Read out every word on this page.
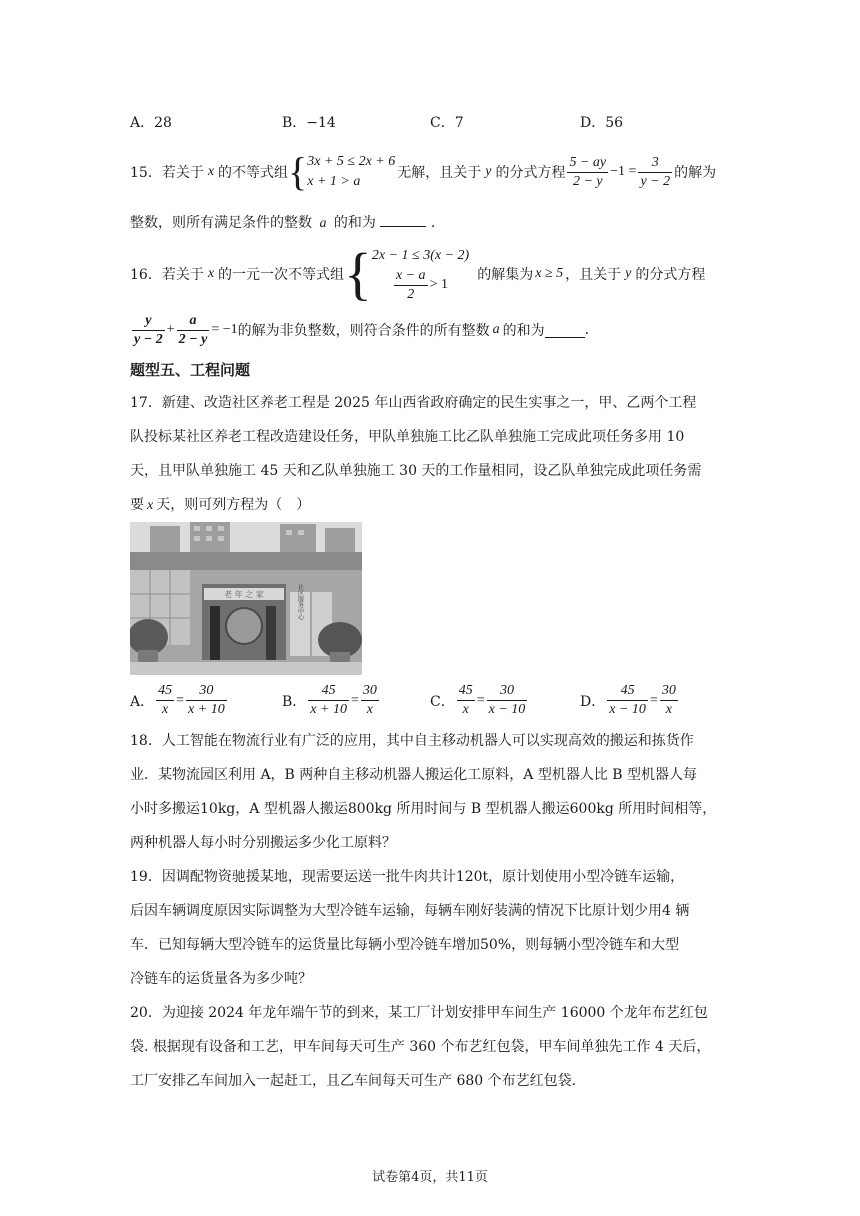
A．28	B．−14	C．7	D．56
15．若关于 x 的不等式组 { 3x + 5 ≤ 2x + 6
x + 1 > a
无解，且关于 y 的分式方程 $\frac{5 - ay}{2 - y} -1 = \frac{3}{y - 2}$ 的解为
整数，则所有满足条件的整数 a 的和为	.
16．若关于 x 的一元一次不等式组 { 2x − 1 ≤ 3(x − 2)
$\frac{x - a}{2} > 1$
的解集为 x ≥ 5 ，且关于 y 的分式方程
$\frac{y}{y - 2} + \frac{a}{2 - y} = -1$ 的解为非负整数，则符合条件的所有整数 a 的和为	.
题型五、工程问题
17．新建、改造社区养老工程是 2025 年山西省政府确定的民生实事之一，甲、乙两个工程
队投标某社区养老工程改造建设任务，甲队单独施工比乙队单独施工完成此项任务多用 10
天，且甲队单独施工 45 天和乙队单独施工 30 天的工作量相同，设乙队单独完成此项任务需
要 x 天，则可列方程为（　）
老 年 之 家	社区服务中心
A． $\frac{45}{x} = \frac{30}{x + 10}$	B． $\frac{45}{x + 10} = \frac{30}{x}$	C． $\frac{45}{x} = \frac{30}{x - 10}$	D． $\frac{45}{x - 10} = \frac{30}{x}$
18．人工智能在物流行业有广泛的应用，其中自主移动机器人可以实现高效的搬运和拣货作
业．某物流园区利用 A，B 两种自主移动机器人搬运化工原料，A 型机器人比 B 型机器人每
小时多搬运10kg，A 型机器人搬运800kg 所用时间与 B 型机器人搬运600kg 所用时间相等，
两种机器人每小时分别搬运多少化工原料？
19．因调配物资驰援某地，现需要运送一批牛肉共计120t，原计划使用小型冷链车运输，
后因车辆调度原因实际调整为大型冷链车运输，每辆车刚好装满的情况下比原计划少用4 辆
车．已知每辆大型冷链车的运货量比每辆小型冷链车增加50%，则每辆小型冷链车和大型
冷链车的运货量各为多少吨？
20．为迎接 2024 年龙年端午节的到来，某工厂计划安排甲车间生产 16000 个龙年布艺红包
袋. 根据现有设备和工艺，甲车间每天可生产 360 个布艺红包袋，甲车间单独先工作 4 天后，
工厂安排乙车间加入一起赶工，且乙车间每天可生产 680 个布艺红包袋.
试卷第4页，共11页
